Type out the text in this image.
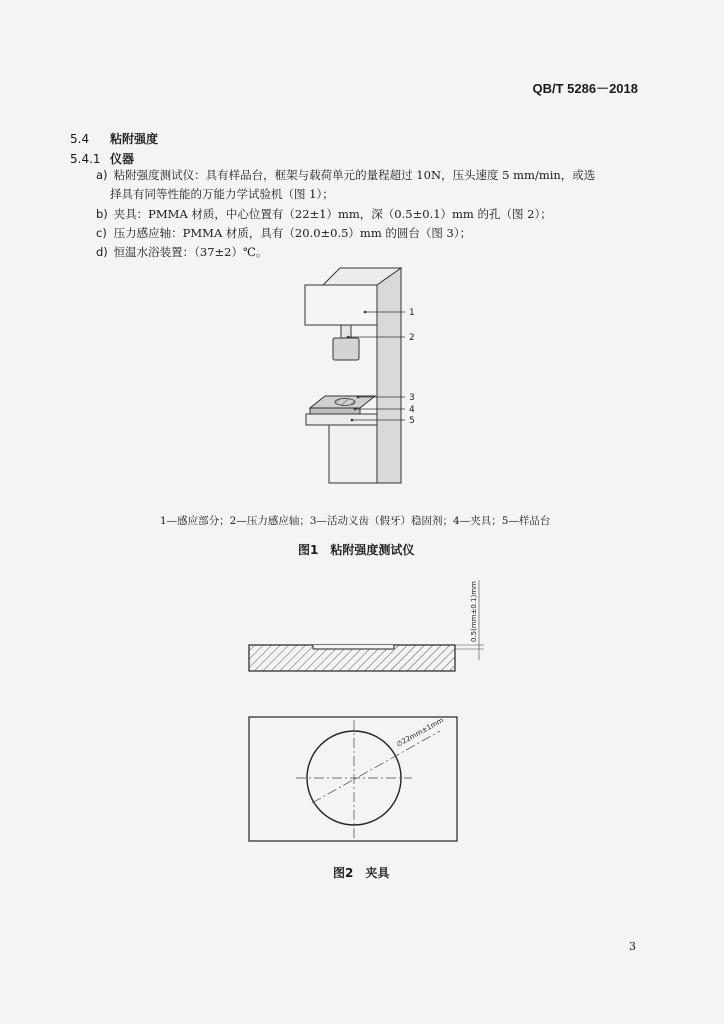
QB/T 5286－2018
5.4 粘附强度
5.4.1 仪器
a) 粘附强度测试仪：具有样品台，框架与载荷单元的量程超过 10N，压头速度 5 mm/min，或选
择具有同等性能的万能力学试验机（图 1）；
b) 夹具：PMMA 材质，中心位置有（22±1）mm，深（0.5±0.1）mm 的孔（图 2）；
c) 压力感应轴：PMMA 材质，具有（20.0±0.5）mm 的圆台（图 3）；
d) 恒温水浴装置：（37±2）℃。
1
2
3
4
5
0.5(mm±0.1)mm
∅22mm±1mm
1—感应部分；2—压力感应轴；3—活动义齿（假牙）稳固剂；4—夹具；5—样品台
图1　粘附强度测试仪
图2　夹具
3
